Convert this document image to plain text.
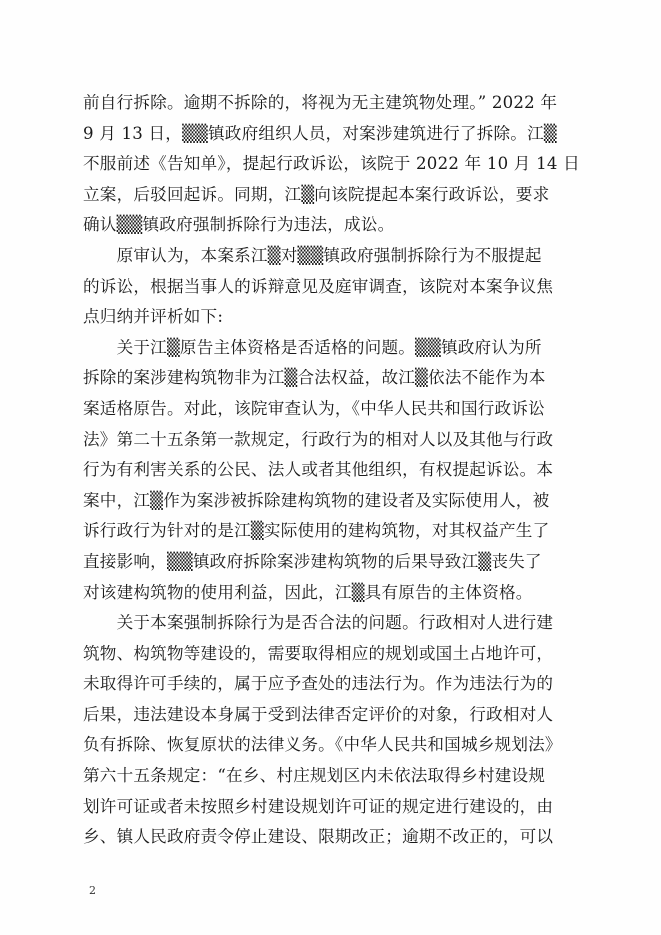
前自行拆除。逾期不拆除的，将视为无主建筑物处理。” 2022 年
9 月 13 日，▒▒镇政府组织人员，对案涉建筑进行了拆除。江▒
不服前述《告知单》，提起行政诉讼，该院于 2022 年 10 月 14 日
立案，后驳回起诉。同期，江▒向该院提起本案行政诉讼，要求
确认▒▒镇政府强制拆除行为违法，成讼。
　　原审认为，本案系江▒对▒▒镇政府强制拆除行为不服提起
的诉讼，根据当事人的诉辩意见及庭审调查，该院对本案争议焦
点归纳并评析如下:
　　关于江▒原告主体资格是否适格的问题。▒▒镇政府认为所
拆除的案涉建构筑物非为江▒合法权益，故江▒依法不能作为本
案适格原告。对此，该院审查认为，《中华人民共和国行政诉讼
法》第二十五条第一款规定，行政行为的相对人以及其他与行政
行为有利害关系的公民、法人或者其他组织，有权提起诉讼。本
案中，江▒作为案涉被拆除建构筑物的建设者及实际使用人，被
诉行政行为针对的是江▒实际使用的建构筑物，对其权益产生了
直接影响，▒▒镇政府拆除案涉建构筑物的后果导致江▒丧失了
对该建构筑物的使用利益，因此，江▒具有原告的主体资格。
　　关于本案强制拆除行为是否合法的问题。行政相对人进行建
筑物、构筑物等建设的，需要取得相应的规划或国土占地许可，
未取得许可手续的，属于应予查处的违法行为。作为违法行为的
后果，违法建设本身属于受到法律否定评价的对象，行政相对人
负有拆除、恢复原状的法律义务。《中华人民共和国城乡规划法》
第六十五条规定：“在乡、村庄规划区内未依法取得乡村建设规
划许可证或者未按照乡村建设规划许可证的规定进行建设的，由
乡、镇人民政府责令停止建设、限期改正；逾期不改正的，可以
2
